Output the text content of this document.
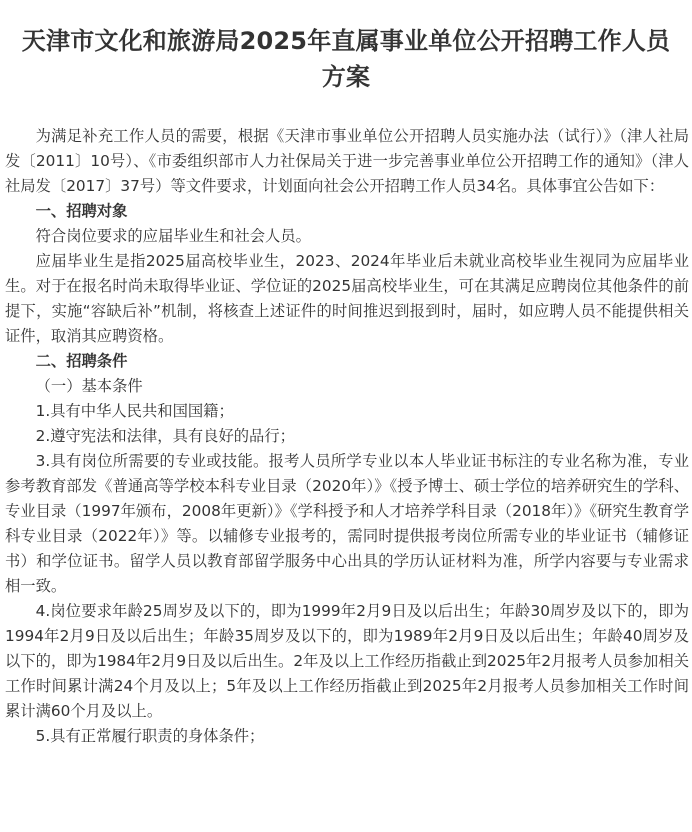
天津市文化和旅游局2025年直属事业单位公开招聘工作人员方案

为满足补充工作人员的需要，根据《天津市事业单位公开招聘人员实施办法（试行）》（津人社局发〔2011〕10号）、《市委组织部市人力社保局关于进一步完善事业单位公开招聘工作的通知》（津人社局发〔2017〕37号）等文件要求，计划面向社会公开招聘工作人员34名。具体事宜公告如下：

一、招聘对象

符合岗位要求的应届毕业生和社会人员。

应届毕业生是指2025届高校毕业生，2023、2024年毕业后未就业高校毕业生视同为应届毕业生。对于在报名时尚未取得毕业证、学位证的2025届高校毕业生，可在其满足应聘岗位其他条件的前提下，实施“容缺后补”机制，将核查上述证件的时间推迟到报到时，届时，如应聘人员不能提供相关证件，取消其应聘资格。

二、招聘条件

（一）基本条件

1.具有中华人民共和国国籍；

2.遵守宪法和法律，具有良好的品行；

3.具有岗位所需要的专业或技能。报考人员所学专业以本人毕业证书标注的专业名称为准，专业参考教育部发《普通高等学校本科专业目录（2020年）》《授予博士、硕士学位的培养研究生的学科、专业目录（1997年颁布，2008年更新）》《学科授予和人才培养学科目录（2018年）》《研究生教育学科专业目录（2022年）》等。以辅修专业报考的，需同时提供报考岗位所需专业的毕业证书（辅修证书）和学位证书。留学人员以教育部留学服务中心出具的学历认证材料为准，所学内容要与专业需求相一致。

4.岗位要求年龄25周岁及以下的，即为1999年2月9日及以后出生；年龄30周岁及以下的，即为1994年2月9日及以后出生；年龄35周岁及以下的，即为1989年2月9日及以后出生；年龄40周岁及以下的，即为1984年2月9日及以后出生。2年及以上工作经历指截止到2025年2月报考人员参加相关工作时间累计满24个月及以上；5年及以上工作经历指截止到2025年2月报考人员参加相关工作时间累计满60个月及以上。

5.具有正常履行职责的身体条件；
